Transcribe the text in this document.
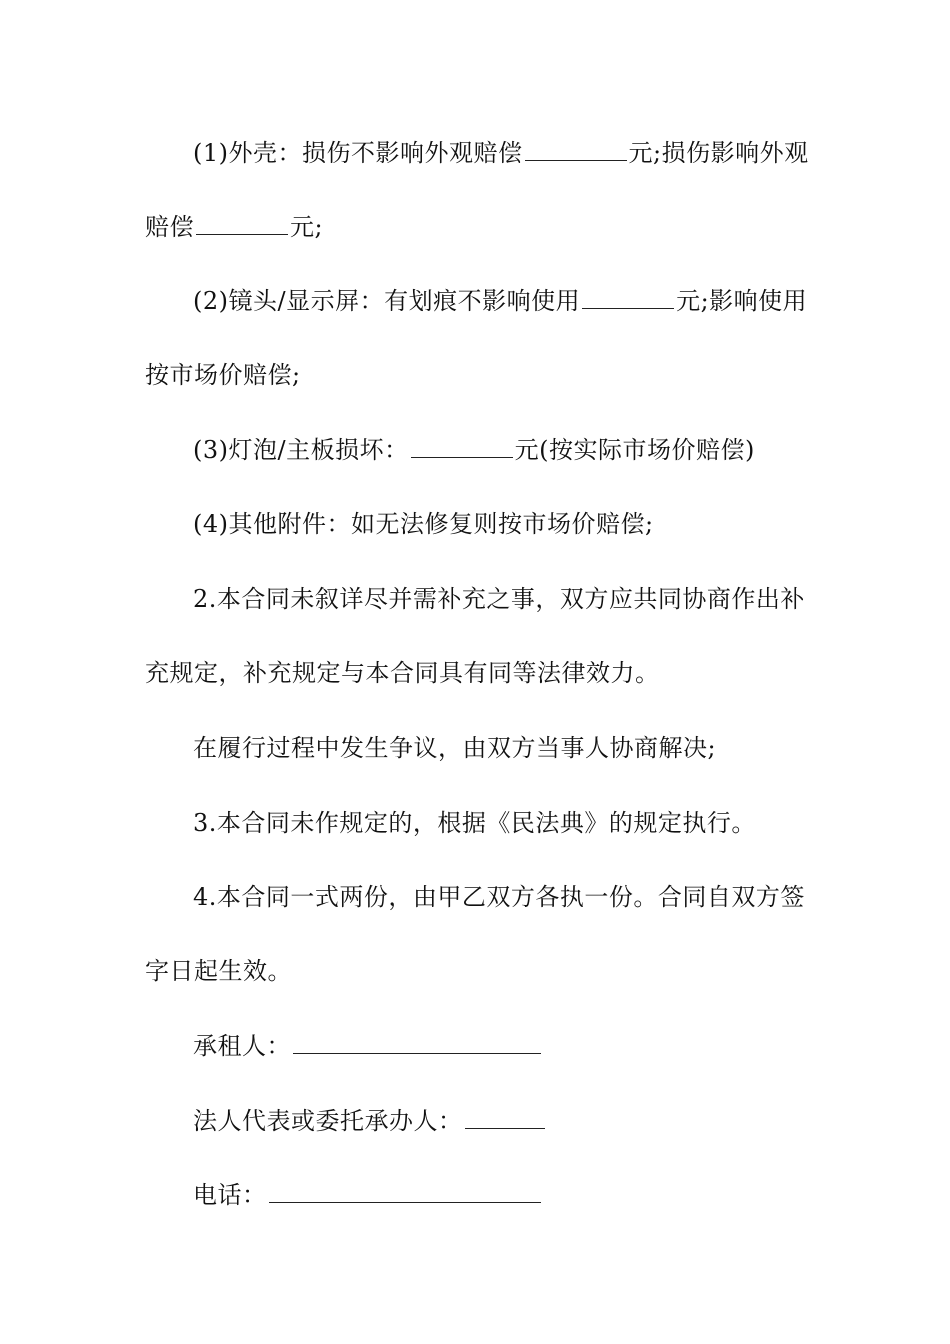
(1)外壳：损伤不影响外观赔偿	元;损伤影响外观
赔偿	元;
(2)镜头/显示屏：有划痕不影响使用	元;影响使用
按市场价赔偿;
(3)灯泡/主板损坏：	元(按实际市场价赔偿)
(4)其他附件：如无法修复则按市场价赔偿;
2.本合同未叙详尽并需补充之事，双方应共同协商作出补
充规定，补充规定与本合同具有同等法律效力。
在履行过程中发生争议，由双方当事人协商解决;
3.本合同未作规定的，根据《民法典》的规定执行。
4.本合同一式两份，由甲乙双方各执一份。合同自双方签
字日起生效。
承租人：
法人代表或委托承办人：
电话：
